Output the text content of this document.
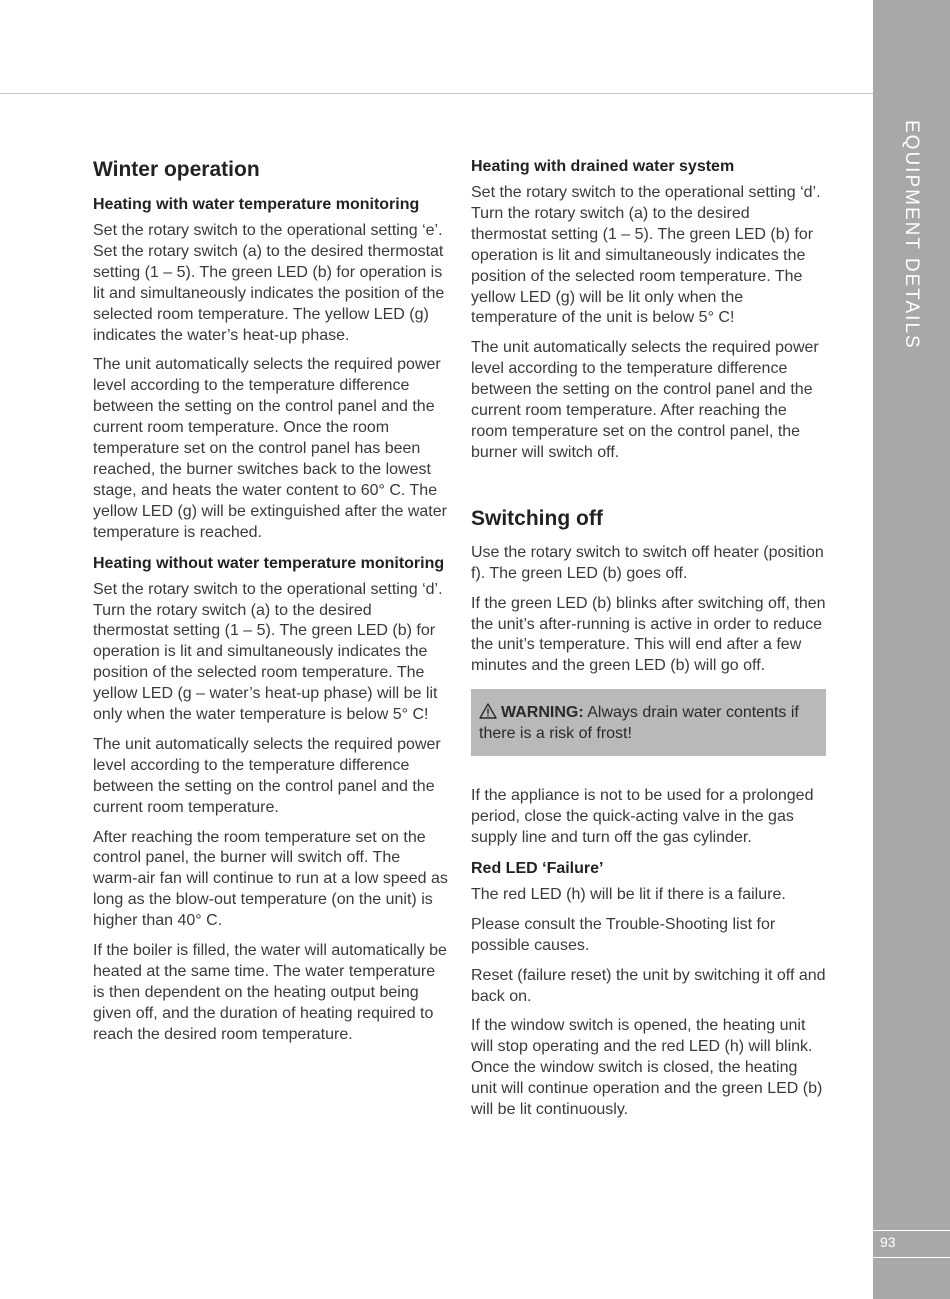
EQUIPMENT DETAILS
93
Winter operation
Heating with water temperature monitoring

Set the rotary switch to the operational setting ‘e’. Set the rotary switch (a) to the desired thermostat setting (1 – 5). The green LED (b) for operation is lit and simultaneously indicates the position of the selected room temperature. The yellow LED (g) indicates the water’s heat-up phase.

The unit automatically selects the required power level according to the temperature difference between the setting on the control panel and the current room temperature. Once the room temperature set on the control panel has been reached, the burner switches back to the lowest stage, and heats the water content to 60° C. The yellow LED (g) will be extinguished after the water temperature is reached.

Heating without water temperature monitoring

Set the rotary switch to the operational setting ‘d’. Turn the rotary switch (a) to the desired thermostat setting (1 – 5). The green LED (b) for operation is lit and simultaneously indicates the position of the selected room temperature. The yellow LED (g – water’s heat-up phase) will be lit only when the water temperature is below 5° C!

The unit automatically selects the required power level according to the temperature difference between the setting on the control panel and the current room temperature.

After reaching the room temperature set on the control panel, the burner will switch off. The warm-air fan will continue to run at a low speed as long as the blow-out temperature (on the unit) is higher than 40° C.

If the boiler is filled, the water will automatically be heated at the same time. The water temperature is then dependent on the heating output being given off, and the duration of heating required to reach the desired room temperature.

Heating with drained water system

Set the rotary switch to the operational setting ‘d’. Turn the rotary switch (a) to the desired thermostat setting (1 – 5). The green LED (b) for operation is lit and simultaneously indicates the position of the selected room temperature. The yellow LED (g) will be lit only when the temperature of the unit is below 5° C!

The unit automatically selects the required power level according to the temperature difference between the setting on the control panel and the current room temperature. After reaching the room temperature set on the control panel, the burner will switch off.

Switching off

Use the rotary switch to switch off heater (position f). The green LED (b) goes off.

If the green LED (b) blinks after switching off, then the unit’s after-running is active in order to reduce the unit’s temperature. This will end after a few minutes and the green LED (b) will go off.

WARNING: Always drain water contents if there is a risk of frost!

If the appliance is not to be used for a prolonged period, close the quick-acting valve in the gas supply line and turn off the gas cylinder.

Red LED ‘Failure’

The red LED (h) will be lit if there is a failure.

Please consult the Trouble-Shooting list for possible causes.

Reset (failure reset) the unit by switching it off and back on.

If the window switch is opened, the heating unit will stop operating and the red LED (h) will blink. Once the window switch is closed, the heating unit will continue operation and the green LED (b) will be lit continuously.
